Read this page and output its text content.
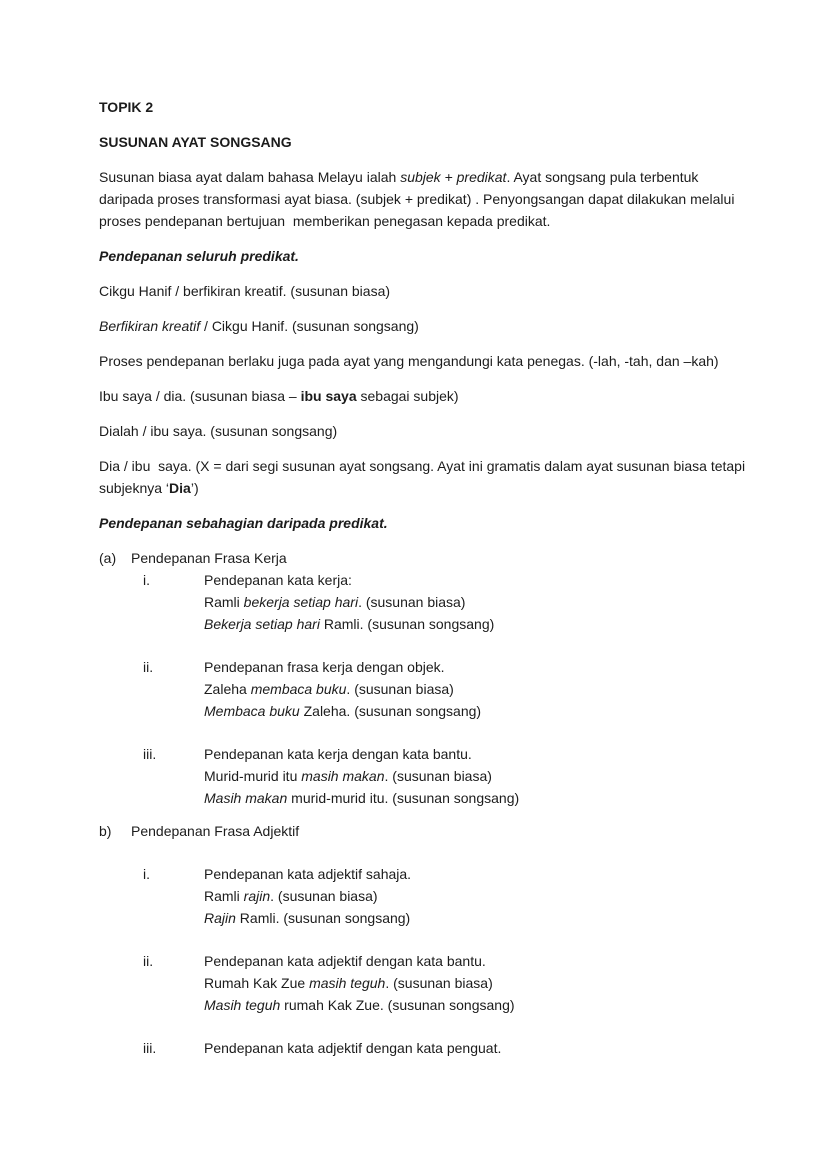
TOPIK 2
SUSUNAN AYAT SONGSANG
Susunan biasa ayat dalam bahasa Melayu ialah subjek + predikat. Ayat songsang pula terbentuk daripada proses transformasi ayat biasa. (subjek + predikat) . Penyongsangan dapat dilakukan melalui proses pendepanan bertujuan  memberikan penegasan kepada predikat.
Pendepanan seluruh predikat.
Cikgu Hanif / berfikiran kreatif. (susunan biasa)
Berfikiran kreatif / Cikgu Hanif. (susunan songsang)
Proses pendepanan berlaku juga pada ayat yang mengandungi kata penegas. (-lah, -tah, dan –kah)
Ibu saya / dia. (susunan biasa – ibu saya sebagai subjek)
Dialah / ibu saya. (susunan songsang)
Dia / ibu  saya. (X = dari segi susunan ayat songsang. Ayat ini gramatis dalam ayat susunan biasa tetapi subjeknya ‘Dia’)
Pendepanan sebahagian daripada predikat.
(a)	Pendepanan Frasa Kerja
i.	Pendepanan kata kerja:
Ramli bekerja setiap hari. (susunan biasa)
Bekerja setiap hari Ramli. (susunan songsang)
ii.	Pendepanan frasa kerja dengan objek.
Zaleha membaca buku. (susunan biasa)
Membaca buku Zaleha. (susunan songsang)
iii.	Pendepanan kata kerja dengan kata bantu.
Murid-murid itu masih makan. (susunan biasa)
Masih makan murid-murid itu. (susunan songsang)
b)	Pendepanan Frasa Adjektif
i.	Pendepanan kata adjektif sahaja.
Ramli rajin. (susunan biasa)
Rajin Ramli. (susunan songsang)
ii.	Pendepanan kata adjektif dengan kata bantu.
Rumah Kak Zue masih teguh. (susunan biasa)
Masih teguh rumah Kak Zue. (susunan songsang)
iii.	Pendepanan kata adjektif dengan kata penguat.
